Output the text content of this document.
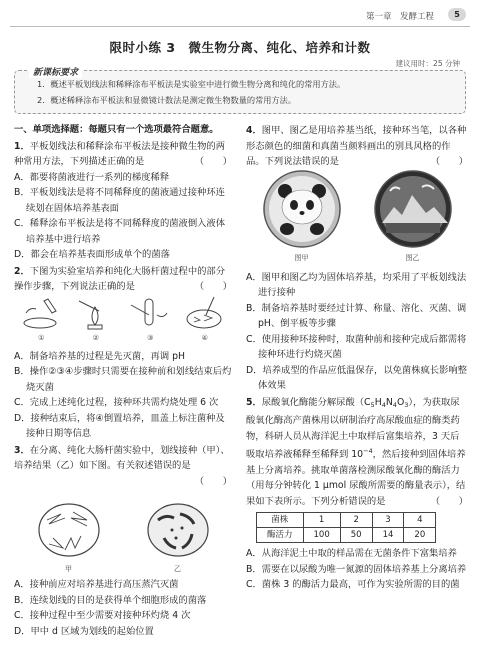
第一章　发酵工程	5
限时小练 3　微生物分离、纯化、培养和计数
建议用时：25 分钟
新课标要求
1．概述平板划线法和稀释涂布平板法是实验室中进行微生物分离和纯化的常用方法。
2．概述稀释涂布平板法和显微镜计数法是测定微生物数量的常用方法。
一、单项选择题：每题只有一个选项最符合题意。
1．平板划线法和稀释涂布平板法是接种微生物的两种常用方法，下列描述正确的是	（　　）
A．都要将菌液进行一系列的梯度稀释
B．平板划线法是将不同稀释度的菌液通过接种环连续划在固体培养基表面
C．稀释涂布平板法是将不同稀释度的菌液倒入液体培养基中进行培养
D．都会在培养基表面形成单个的菌落
2．下图为实验室培养和纯化大肠杆菌过程中的部分操作步骤，下列说法正确的是	（　　）
①	②	③	④
A．制备培养基的过程是先灭菌，再调 pH
B．操作②③④步骤时只需要在接种前和划线结束后灼烧灭菌
C．完成上述纯化过程，接种环共需灼烧处理 6 次
D．接种结束后，将④倒置培养，皿盖上标注菌种及接种日期等信息
3．在分离、纯化大肠杆菌实验中，划线接种（甲）、培养结果（乙）如下图。有关叙述错误的是
（　　）
甲	乙
A．接种前应对培养基进行高压蒸汽灭菌
B．连续划线的目的是获得单个细胞形成的菌落
C．接种过程中至少需要对接种环灼烧 4 次
D．甲中 d 区域为划线的起始位置
4．图甲、图乙是用培养基当纸，接种环当笔，以各种形态颜色的细菌和真菌当颜料画出的别具风格的作品。下列说法错误的是	（　　）
图甲	图乙
A．图甲和图乙均为固体培养基，均采用了平板划线法进行接种
B．制备培养基时要经过计算、称量、溶化、灭菌、调 pH、倒平板等步骤
C．使用接种环接种时，取菌种前和接种完成后都需将接种环进行灼烧灭菌
D．培养成型的作品应低温保存，以免菌株疯长影响整体效果
5．尿酸氧化酶能分解尿酸$(C_5H_4N_4O_3)$，为获取尿酸氧化酶高产菌株用以研制治疗高尿酸血症的酶类药物，科研人员从海洋泥土中取样后富集培养，3 天后吸取培养液稀释至稀释到 $10^{-4}$，然后接种到固体培养基上分离培养。挑取单菌落检测尿酸氧化酶的酶活力（用每分钟转化 1 μmol 尿酸所需要的酶量表示），结果如下表所示。下列分析错误的是	（　　）
菌株	1	2	3	4
酶活力	100	50	14	20
A．从海洋泥土中取的样品需在无菌条件下富集培养
B．需要在以尿酸为唯一氮源的固体培养基上分离培养
C．菌株 3 的酶活力最高，可作为实验所需的目的菌
